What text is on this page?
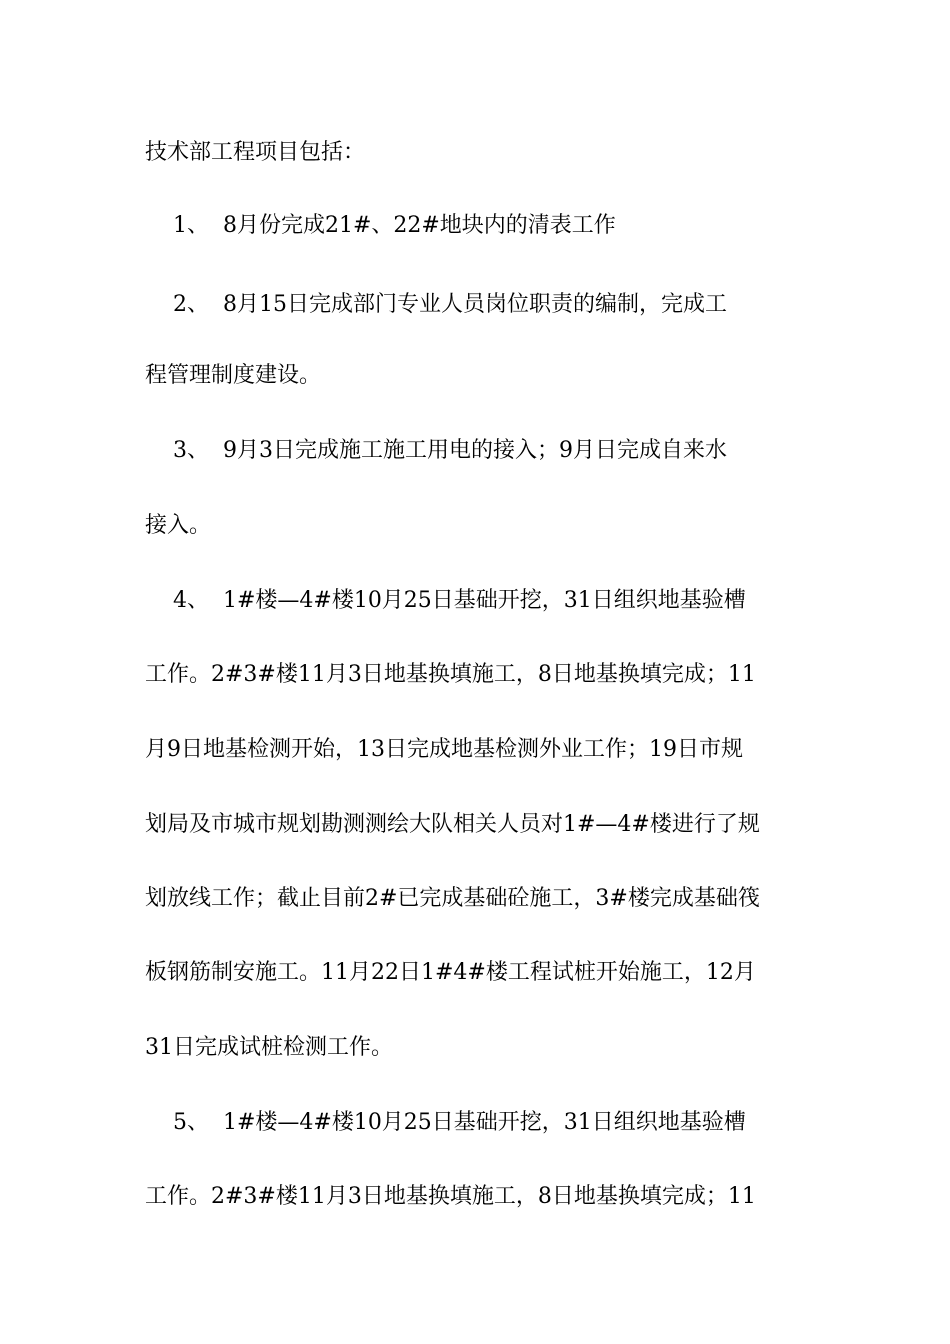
技术部工程项目包括：
1、  8月份完成21#、22#地块内的清表工作
2、  8月15日完成部门专业人员岗位职责的编制，完成工
程管理制度建设。
3、  9月3日完成施工施工用电的接入；9月日完成自来水
接入。
4、  1#楼—4#楼10月25日基础开挖，31日组织地基验槽
工作。2#3#楼11月3日地基换填施工，8日地基换填完成；11
月9日地基检测开始，13日完成地基检测外业工作；19日市规
划局及市城市规划勘测测绘大队相关人员对1#—4#楼进行了规
划放线工作；截止目前2#已完成基础砼施工，3#楼完成基础筏
板钢筋制安施工。11月22日1#4#楼工程试桩开始施工，12月
31日完成试桩检测工作。
5、  1#楼—4#楼10月25日基础开挖，31日组织地基验槽
工作。2#3#楼11月3日地基换填施工，8日地基换填完成；11
